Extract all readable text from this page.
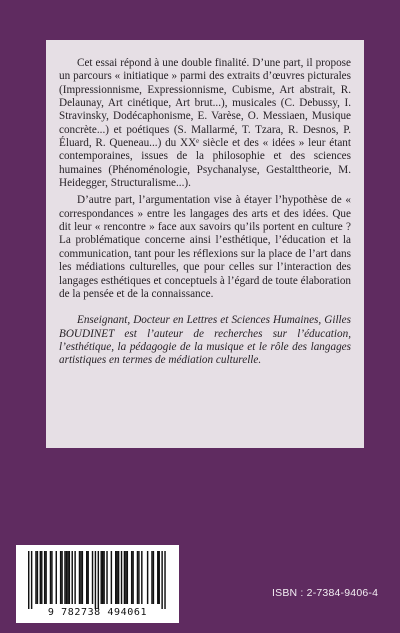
Cet essai répond à une double finalité. D’une part, il propose un parcours « initiatique » parmi des extraits d’œuvres picturales (Impressionnisme, Expressionnisme, Cubisme, Art abstrait, R. Delaunay, Art cinétique, Art brut...), musicales (C. Debussy, I. Stravinsky, Dodécaphonisme, E. Varèse, O. Messiaen, Musique concrète...) et poétiques (S. Mallarmé, T. Tzara, R. Desnos, P. Éluard, R. Queneau...) du XXᵉ siècle et des « idées » leur étant contemporaines, issues de la philosophie et des sciences humaines (Phénoménologie, Psychanalyse, Gestalttheorie, M. Heidegger, Structuralisme...).

D’autre part, l’argumentation vise à étayer l’hypothèse de « correspondances » entre les langages des arts et des idées. Que dit leur « rencontre » face aux savoirs qu’ils portent en culture ? La problématique concerne ainsi l’esthétique, l’éducation et la communication, tant pour les réflexions sur la place de l’art dans les médiations culturelles, que pour celles sur l’interaction des langages esthétiques et conceptuels à l’égard de toute élaboration de la pensée et de la connaissance.

Enseignant, Docteur en Lettres et Sciences Humaines, Gilles BOUDINET est l’auteur de recherches sur l’éducation, l’esthétique, la pédagogie de la musique et le rôle des langages artistiques en termes de médiation culturelle.

9 782738 494061
ISBN : 2-7384-9406-4
